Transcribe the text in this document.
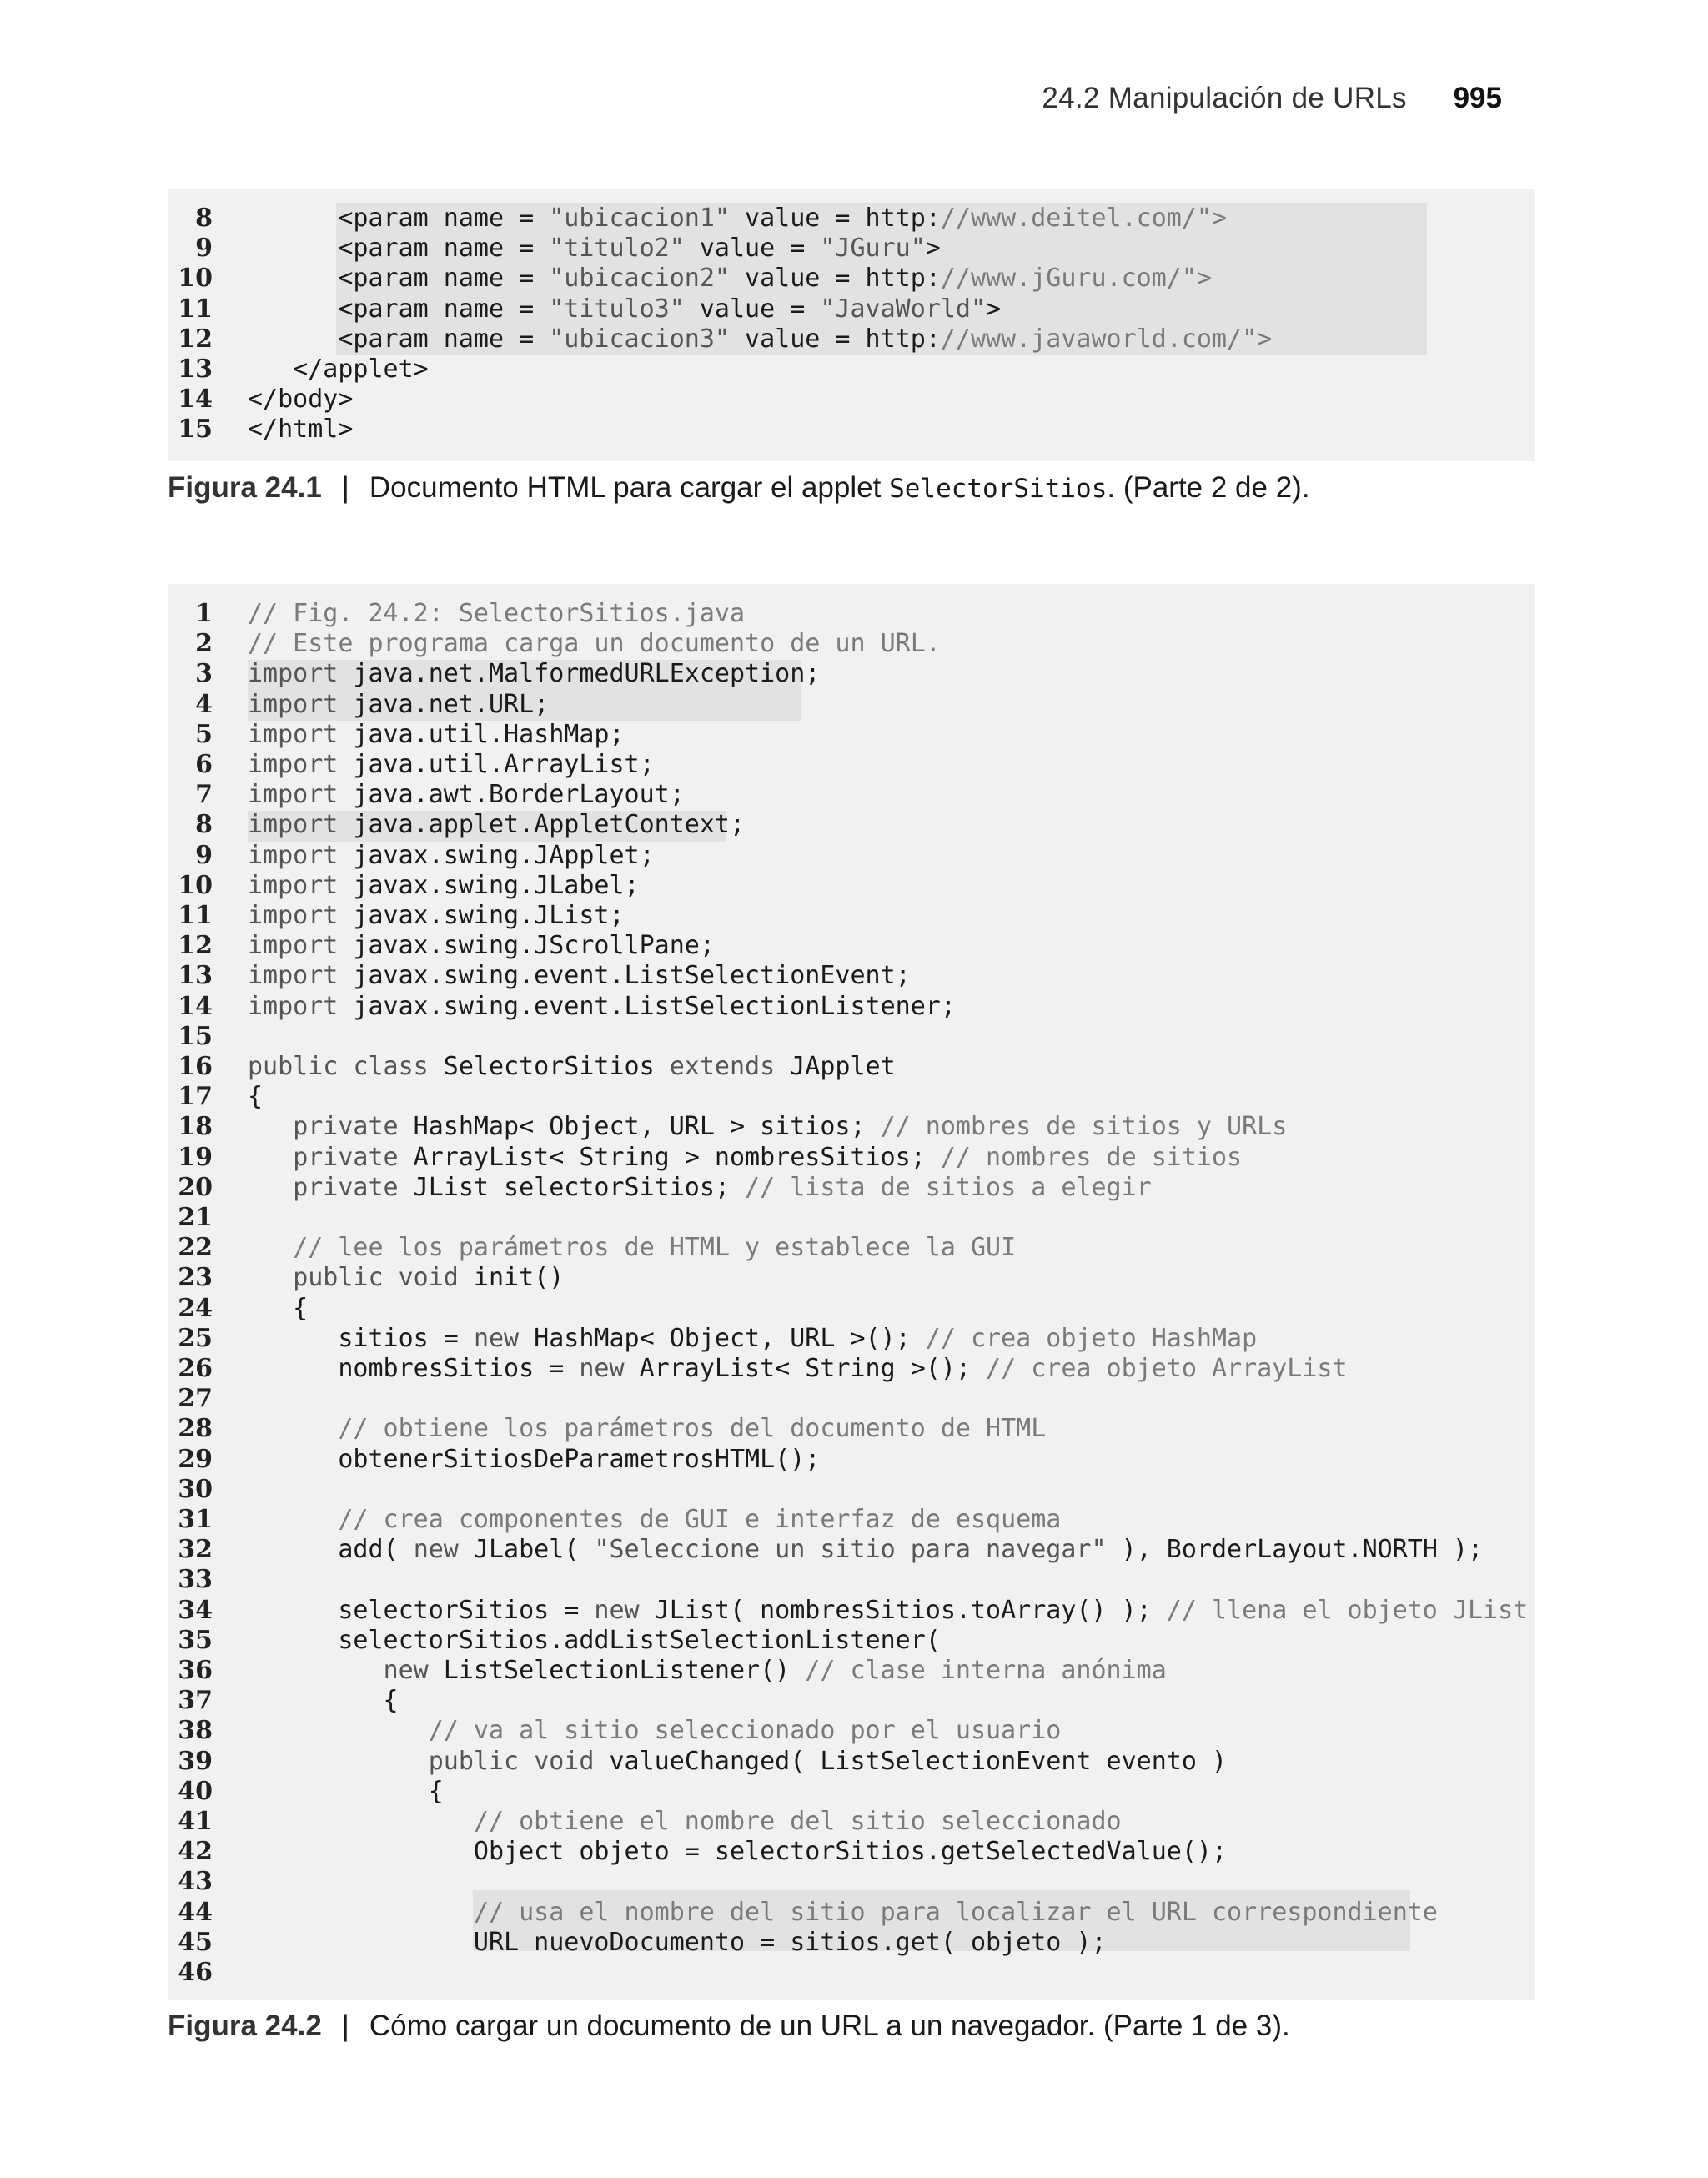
24.2 Manipulación de URLs 995
8 <param name = "ubicacion1" value = http://www.deitel.com/">
9 <param name = "titulo2" value = "JGuru">
10 <param name = "ubicacion2" value = http://www.jGuru.com/">
11 <param name = "titulo3" value = "JavaWorld">
12 <param name = "ubicacion3" value = http://www.javaworld.com/">
13 </applet>
14 </body>
15 </html>
Figura 24.1 | Documento HTML para cargar el applet SelectorSitios. (Parte 2 de 2).
1 // Fig. 24.2: SelectorSitios.java
2 // Este programa carga un documento de un URL.
3 import java.net.MalformedURLException;
4 import java.net.URL;
5 import java.util.HashMap;
6 import java.util.ArrayList;
7 import java.awt.BorderLayout;
8 import java.applet.AppletContext;
9 import javax.swing.JApplet;
10 import javax.swing.JLabel;
11 import javax.swing.JList;
12 import javax.swing.JScrollPane;
13 import javax.swing.event.ListSelectionEvent;
14 import javax.swing.event.ListSelectionListener;
15
16 public class SelectorSitios extends JApplet
17 {
18	private HashMap< Object, URL > sitios; // nombres de sitios y URLs
19	private ArrayList< String > nombresSitios; // nombres de sitios
20	private JList selectorSitios; // lista de sitios a elegir
21
22	// lee los parámetros de HTML y establece la GUI
23	public void init()
24 {
25 sitios = new HashMap< Object, URL >(); // crea objeto HashMap
26 nombresSitios = new ArrayList< String >(); // crea objeto ArrayList
27
28	// obtiene los parámetros del documento de HTML
29 obtenerSitiosDeParametrosHTML();
30
31	// crea componentes de GUI e interfaz de esquema
32 add( new JLabel( "Seleccione un sitio para navegar" ), BorderLayout.NORTH );
33
34 selectorSitios = new JList( nombresSitios.toArray() ); // llena el objeto JList
35 selectorSitios.addListSelectionListener(
36	new ListSelectionListener() // clase interna anónima
37 {
38	// va al sitio seleccionado por el usuario
39	public void valueChanged( ListSelectionEvent evento )
40 {
41	// obtiene el nombre del sitio seleccionado
42 Object objeto = selectorSitios.getSelectedValue();
43
44	// usa el nombre del sitio para localizar el URL correspondiente
45 URL nuevoDocumento = sitios.get( objeto );
46
Figura 24.2 | Cómo cargar un documento de un URL a un navegador. (Parte 1 de 3).
